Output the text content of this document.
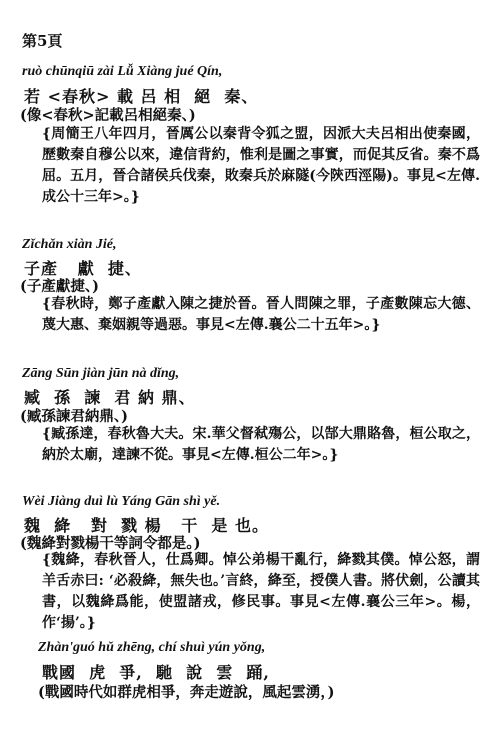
第5頁
ruò chūnqiū zài Lǚ Xiàng jué Qín,
若 <春秋> 載 呂 相  絕  秦、
(像<春秋>記載呂相絕秦、)
{周簡王八年四月，晉厲公以秦背令狐之盟，因派大夫呂相出使秦國，歷數秦自穆公以來，違信背約，惟利是圖之事實，而促其反省。秦不爲屈。五月，晉合諸侯兵伐秦，敗秦兵於麻隧(今陝西涇陽)。事見<左傳.成公十三年>。}
Zǐchǎn xiàn Jié,
子產   獻  捷、
(子產獻捷、)
{春秋時，鄭子產獻入陳之捷於晉。晉人問陳之罪，子產數陳忘大德、蔑大惠、棄姻親等過惡。事見<左傳.襄公二十五年>。}
Zāng Sūn jiàn jūn nà dǐng,
臧  孫  諫  君 納 鼎、
(臧孫諫君納鼎、)
{臧孫達，春秋魯大夫。宋.華父督弒殤公，以郜大鼎賂魯，桓公取之，納於太廟，達諫不從。事見<左傳.桓公二年>。}
Wèi Jiàng duì lù Yáng Gān shì yě.
魏  絳   對  戮 楊   干  是 也。
(魏絳對戮楊干等詞令都是。)
{魏絳，春秋晉人，仕爲卿。悼公弟楊干亂行，絳戮其僕。悼公怒，謂羊舌赤曰: ‘必殺絳，無失也。’言終，絳至，授僕人書。將伏劍，公讀其書，以魏絳爲能，使盟諸戎，修民事。事見<左傳.襄公三年>。楊，作‘揚’。}
Zhàn'guó hǔ zhēng, chí shuì yún yǒng,
戰國  虎  爭,  馳  說  雲  踊,
(戰國時代如群虎相爭，奔走遊說，風起雲湧，)
